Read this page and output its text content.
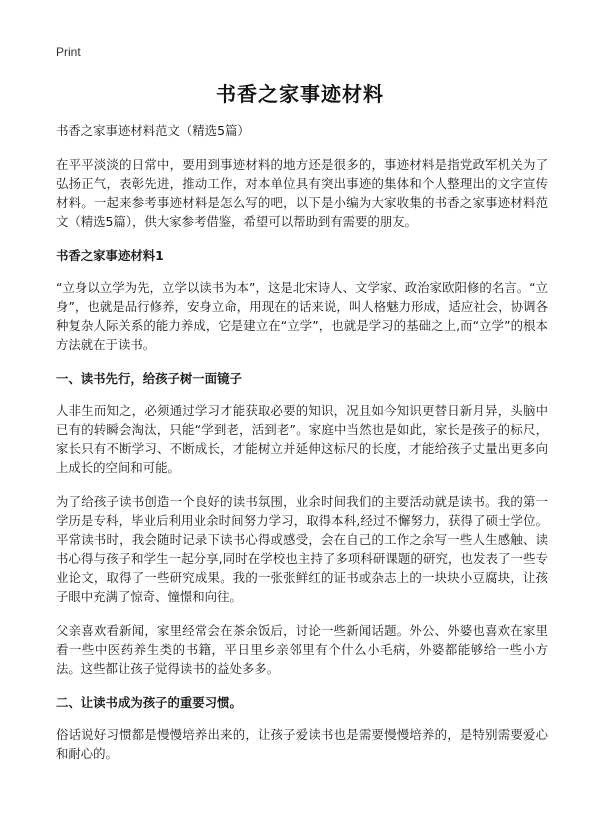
Print
书香之家事迹材料

书香之家事迹材料范文（精选5篇）

在平平淡淡的日常中，要用到事迹材料的地方还是很多的，事迹材料是指党政军机关为了弘扬正气，表彰先进，推动工作，对本单位具有突出事迹的集体和个人整理出的文字宣传材料。一起来参考事迹材料是怎么写的吧，以下是小编为大家收集的书香之家事迹材料范文（精选5篇），供大家参考借鉴，希望可以帮助到有需要的朋友。

书香之家事迹材料1

“立身以立学为先，立学以读书为本”，这是北宋诗人、文学家、政治家欧阳修的名言。“立身”，也就是品行修养，安身立命，用现在的话来说，叫人格魅力形成，适应社会，协调各种复杂人际关系的能力养成，它是建立在“立学”，也就是学习的基础之上,而“立学”的根本方法就在于读书。

一、读书先行，给孩子树一面镜子

人非生而知之，必须通过学习才能获取必要的知识，况且如今知识更替日新月异，头脑中已有的转瞬会淘汰，只能“学到老，活到老”。家庭中当然也是如此，家长是孩子的标尺，家长只有不断学习、不断成长，才能树立并延伸这标尺的长度，才能给孩子丈量出更多向上成长的空间和可能。

为了给孩子读书创造一个良好的读书氛围，业余时间我们的主要活动就是读书。我的第一学历是专科，毕业后利用业余时间努力学习，取得本科,经过不懈努力，获得了硕士学位。平常读书时，我会随时记录下读书心得或感受，会在自己的工作之余写一些人生感触、读书心得与孩子和学生一起分享,同时在学校也主持了多项科研课题的研究，也发表了一些专业论文，取得了一些研究成果。我的一张张鲜红的证书或杂志上的一块块小豆腐块，让孩子眼中充满了惊奇、憧憬和向往。

父亲喜欢看新闻，家里经常会在茶余饭后，讨论一些新闻话题。外公、外婆也喜欢在家里看一些中医药养生类的书籍，平日里乡亲邻里有个什么小毛病，外婆都能够给一些小方法。这些都让孩子觉得读书的益处多多。

二、让读书成为孩子的重要习惯。

俗话说好习惯都是慢慢培养出来的，让孩子爱读书也是需要慢慢培养的，是特别需要爱心和耐心的。
